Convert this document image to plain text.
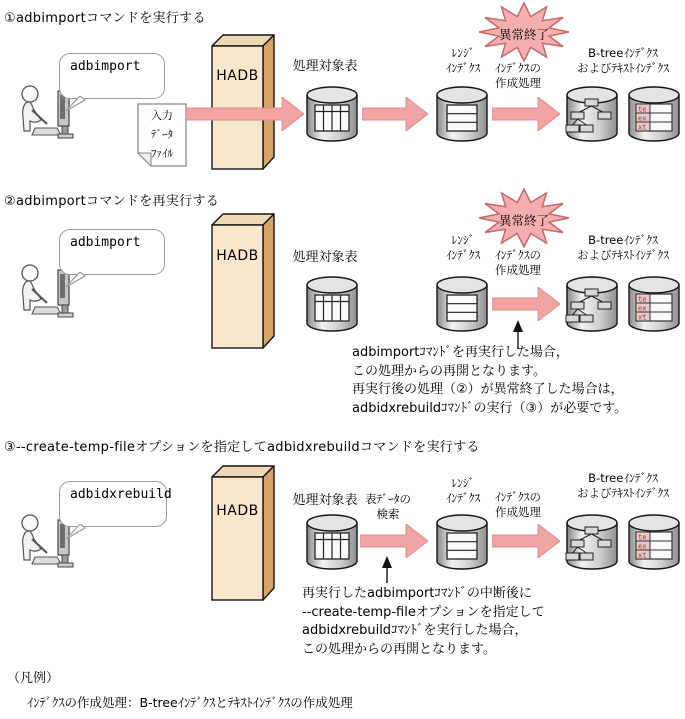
①adbimportコマンドを実行する
adbimport
入力
ﾃﾞｰﾀ
ﾌｧｲﾙ
HADB
処理対象表
ﾚﾝｼﾞ
ｲﾝﾃﾞｸｽ	ｲﾝﾃﾞｸｽの
作成処理
異常終了
B-treeｲﾝﾃﾞｸｽ
およびﾃｷｽﾄｲﾝﾃﾞｸｽ
te
ex
xt
②adbimportコマンドを再実行する
adbimport
HADB	処理対象表
ﾚﾝｼﾞ
ｲﾝﾃﾞｸｽ	ｲﾝﾃﾞｸｽの
作成処理
異常終了
B-treeｲﾝﾃﾞｸｽ
およびﾃｷｽﾄｲﾝﾃﾞｸｽ
te
ex
xt
adbimportｺﾏﾝﾄﾞを再実行した場合，
この処理からの再開となります。
再実行後の処理（②）が異常終了した場合は，
adbidxrebuildｺﾏﾝﾄﾞの実行（③）が必要です。
③--create-temp-fileオプションを指定してadbidxrebuildコマンドを実行する
adbidxrebuild
HADB
処理対象表 表ﾃﾞｰﾀの
検索
ﾚﾝｼﾞ
ｲﾝﾃﾞｸｽ	ｲﾝﾃﾞｸｽの
作成処理
B-treeｲﾝﾃﾞｸｽ
およびﾃｷｽﾄｲﾝﾃﾞｸｽ
te
ex
xt
再実行したadbimportｺﾏﾝﾄﾞの中断後に
--create-temp-fileオプションを指定して
adbidxrebuildｺﾏﾝﾄﾞを実行した場合，
この処理からの再開となります。
（凡例）
ｲﾝﾃﾞｸｽの作成処理：B-treeｲﾝﾃﾞｸｽとﾃｷｽﾄｲﾝﾃﾞｸｽの作成処理
